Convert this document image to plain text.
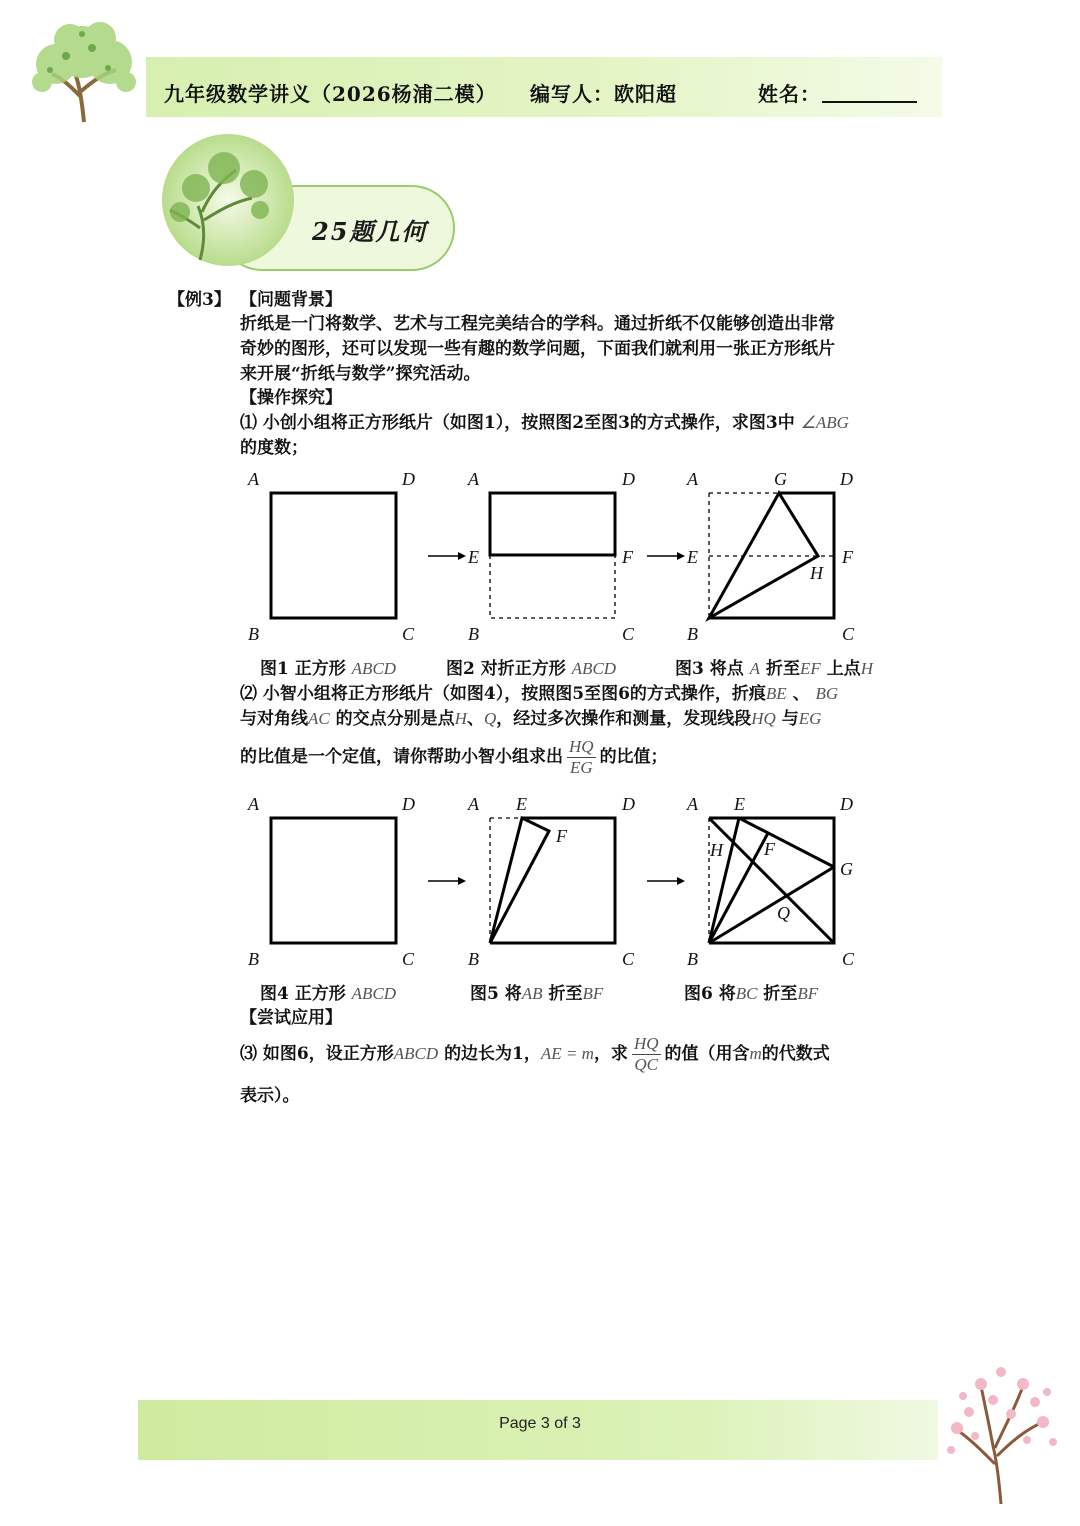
九年级数学讲义（2026杨浦二模） 编写人：欧阳超	姓名：
25题几何
【例3】 【问题背景】
折纸是一门将数学、艺术与工程完美结合的学科。通过折纸不仅能够创造出非常
奇妙的图形，还可以发现一些有趣的数学问题，下面我们就利用一张正方形纸片
来开展“折纸与数学”探究活动。
【操作探究】
⑴ 小创小组将正方形纸片（如图1），按照图2至图3的方式操作，求图3中 ∠ABG
的度数；
A	D
B	C
A	D
E	F
B	C
A	G	D
E	F
H
B	C
图1 正方形 ABCD	图2 对折正方形 ABCD	图3 将点 A 折至EF 上点H
⑵ 小智小组将正方形纸片（如图4），按照图5至图6的方式操作，折痕BE 、 BG
与对角线AC 的交点分别是点H、Q，经过多次操作和测量，发现线段HQ 与EG
的比值是一个定值，请你帮助小智小组求出 $\frac{HQ}{EG}$ 的比值；
A	D
B	C
A E	D
F
B	C
A E	D
H F
G
Q
B	C
图4 正方形 ABCD	图5 将AB 折至BF	图6 将BC 折至BF
【尝试应用】
⑶ 如图6，设正方形ABCD 的边长为1，AE = m，求 $\frac{HQ}{QC}$ 的值（用含m的代数式
表示）。
Page 3 of 3
